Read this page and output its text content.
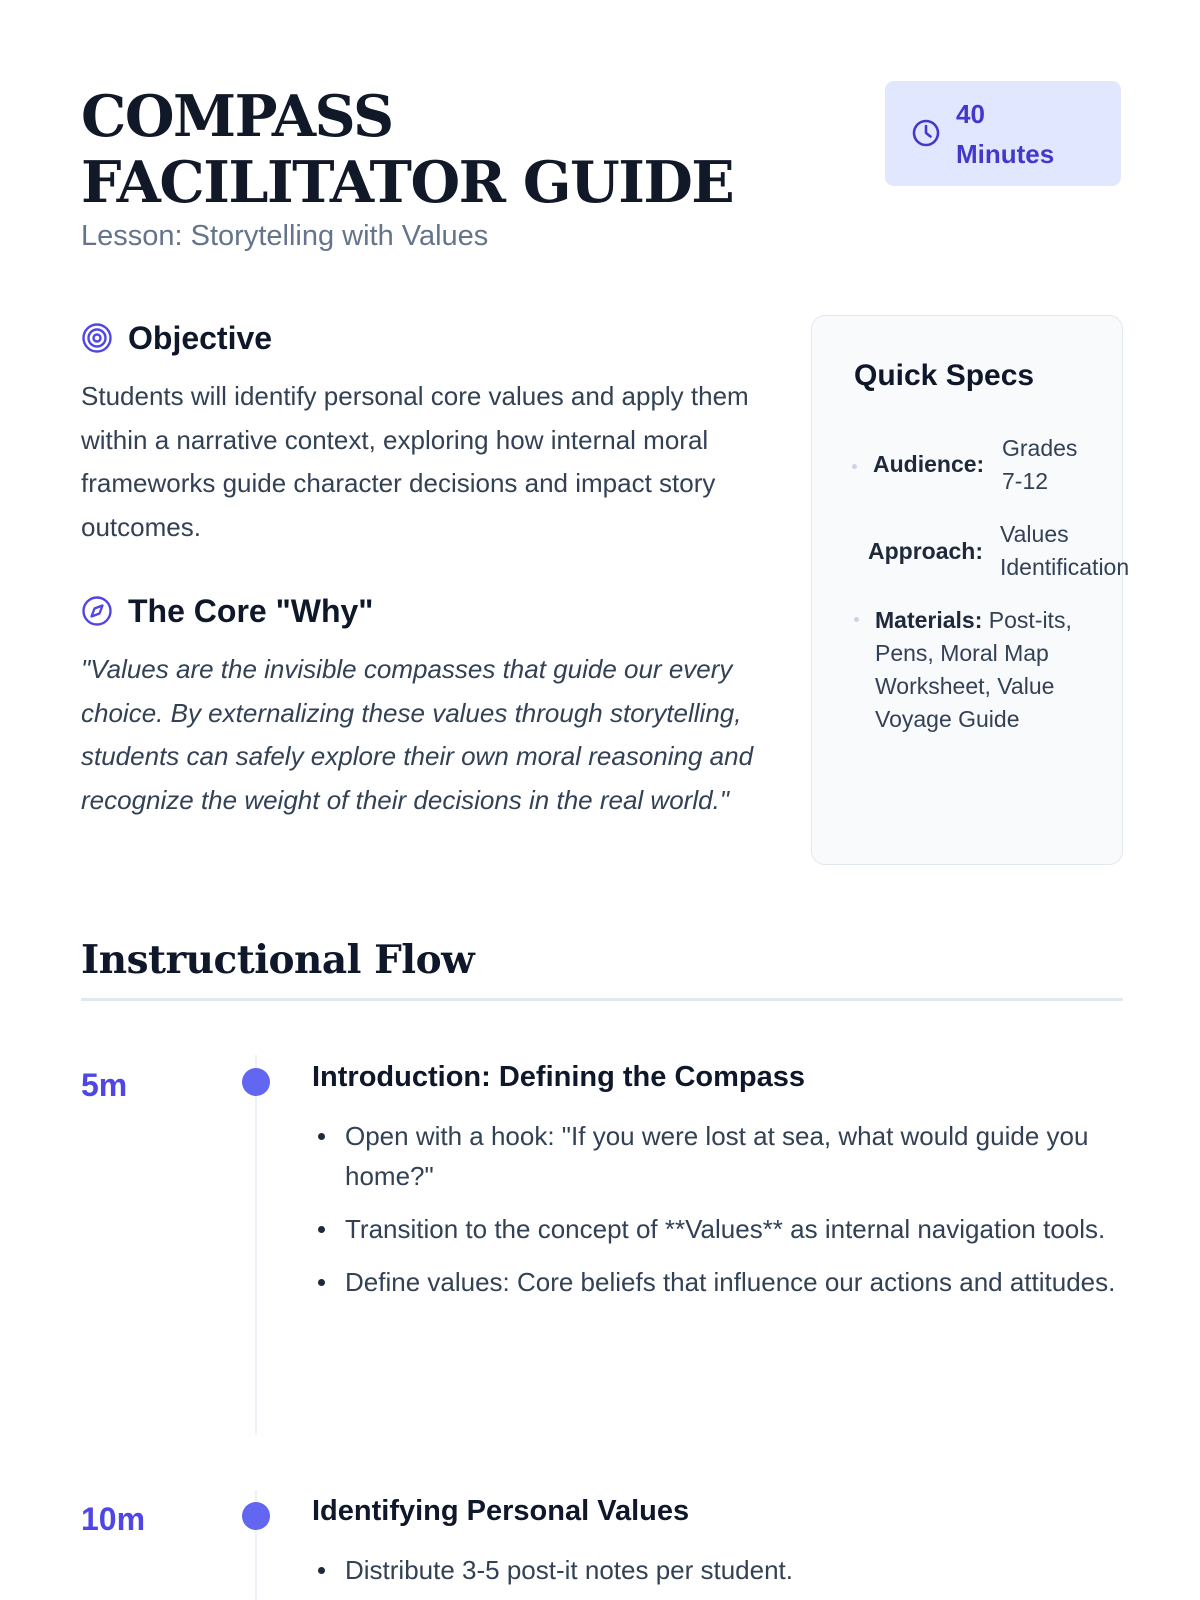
COMPASS FACILITATOR GUIDE
Lesson: Storytelling with Values
40 Minutes
Objective

Students will identify personal core values and apply them within a narrative context, exploring how internal moral frameworks guide character decisions and impact story outcomes.

The Core "Why"

"Values are the invisible compasses that guide our every choice. By externalizing these values through storytelling, students can safely explore their own moral reasoning and recognize the weight of their decisions in the real world."

Quick Specs
Audience:
Grades 7-12
Approach:
Values Identification
Materials: Post-its, Pens, Moral Map Worksheet, Value Voyage Guide
Instructional Flow
5m	Introduction: Defining the Compass
Open with a hook: "If you were lost at sea, what would guide you home?"
Transition to the concept of **Values** as internal navigation tools.
Define values: Core beliefs that influence our actions and attitudes.
10m	Identifying Personal Values
Distribute 3-5 post-it notes per student.
